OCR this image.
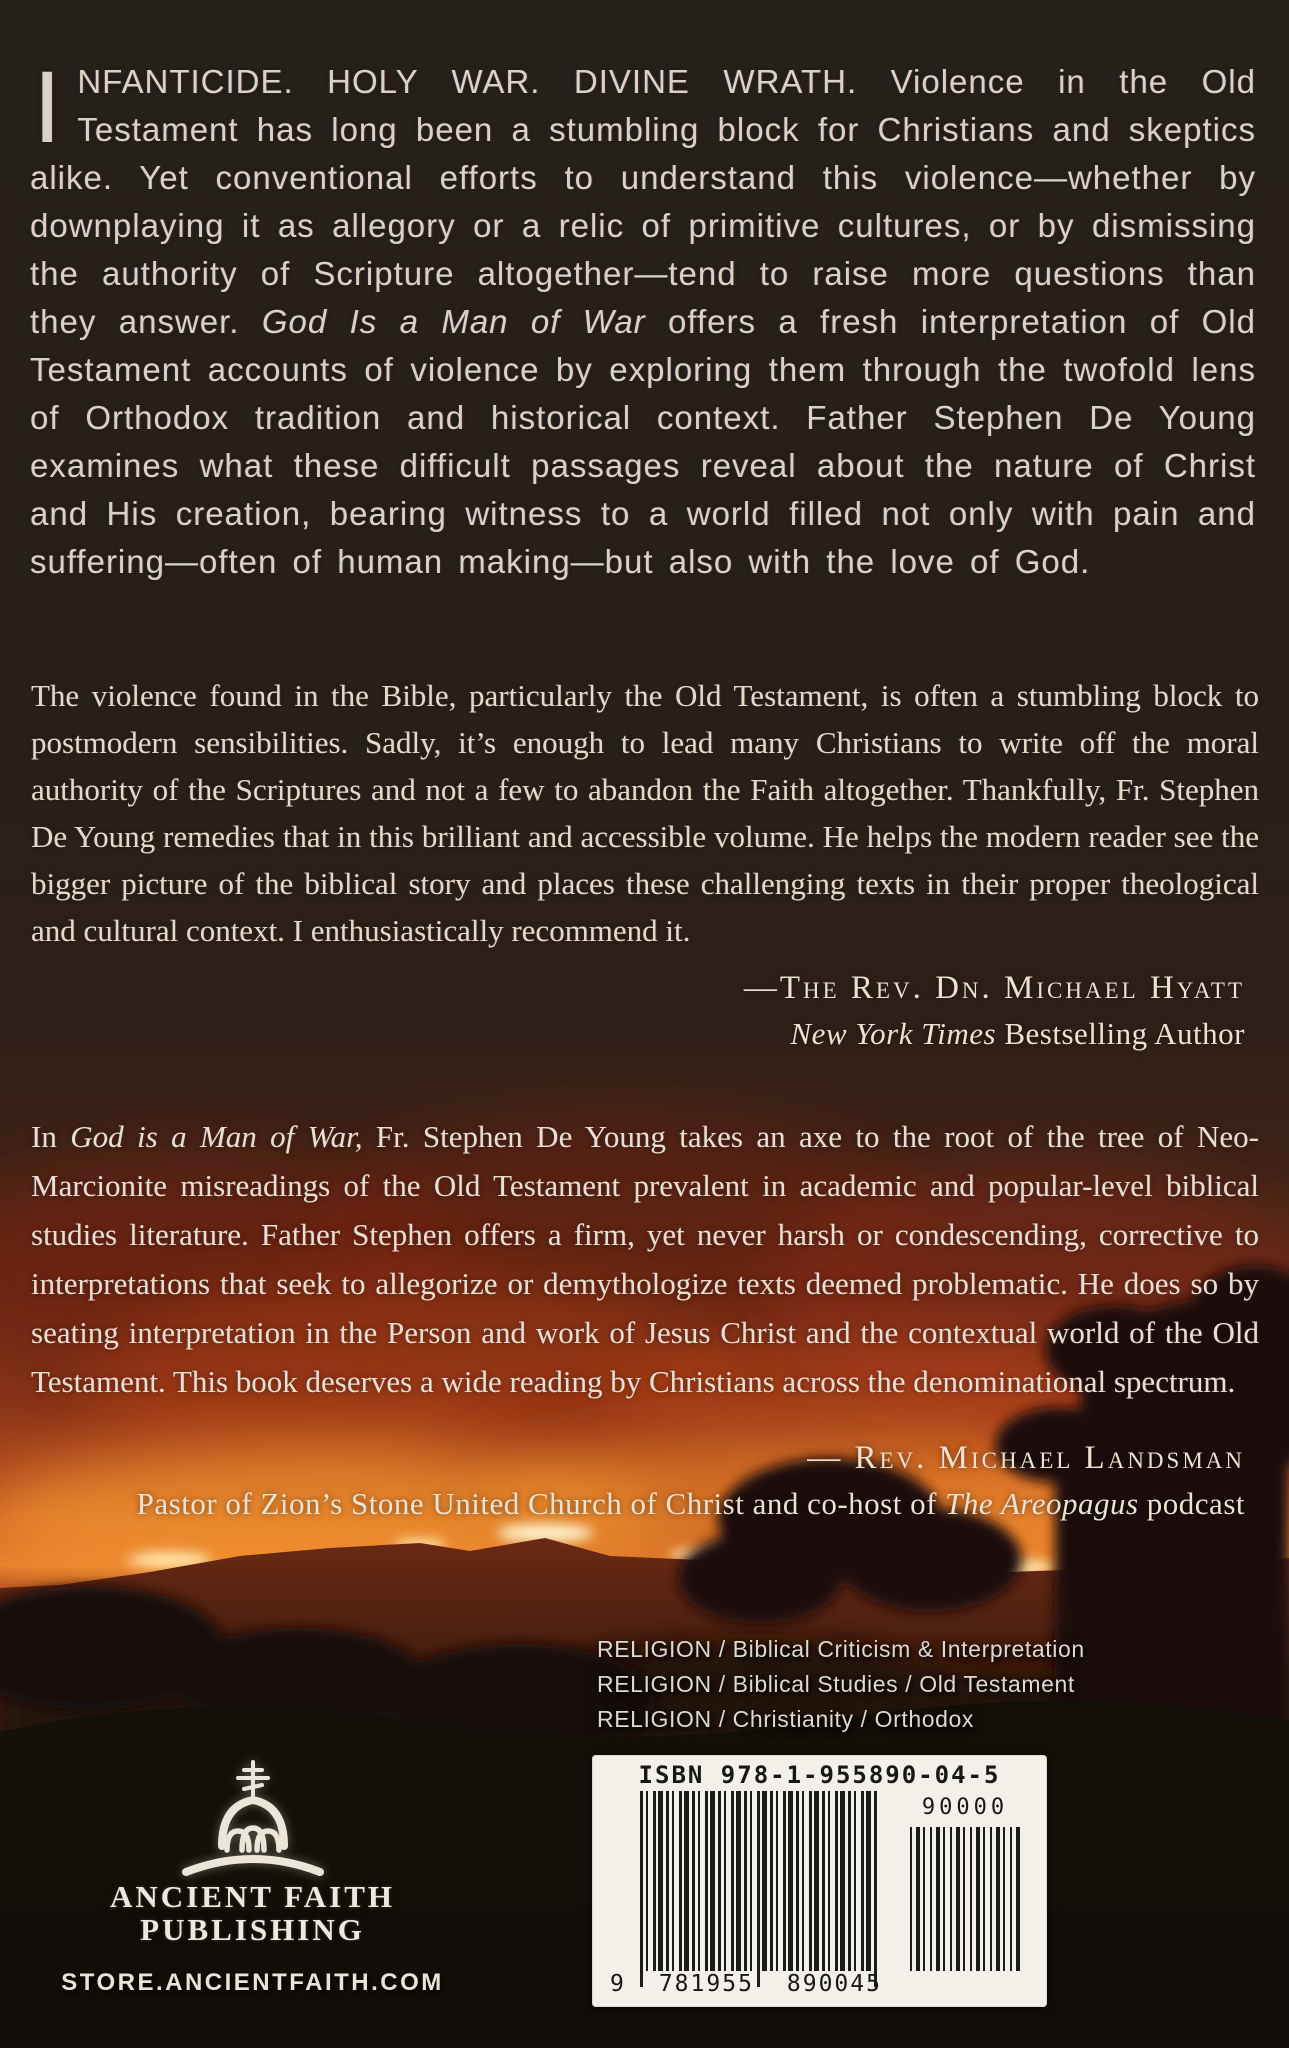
INFANTICIDE. HOLY WAR. DIVINE WRATH. Violence in the Old Testament has long been a stumbling block for Christians and skeptics alike. Yet conventional efforts to understand this violence—whether by downplaying it as allegory or a relic of primitive cultures, or by dismissing the authority of Scripture altogether—tend to raise more questions than they answer. God Is a Man of War offers a fresh interpretation of Old Testament accounts of violence by exploring them through the twofold lens of Orthodox tradition and historical context. Father Stephen De Young examines what these difficult passages reveal about the nature of Christ and His creation, bearing witness to a world filled not only with pain and suffering—often of human making—but also with the love of God.
The violence found in the Bible, particularly the Old Testament, is often a stumbling block to postmodern sensibilities. Sadly, it’s enough to lead many Christians to write off the moral authority of the Scriptures and not a few to abandon the Faith altogether. Thankfully, Fr. Stephen De Young remedies that in this brilliant and accessible volume. He helps the modern reader see the bigger picture of the biblical story and places these challenging texts in their proper theological and cultural context. I enthusiastically recommend it.
—The Rev. Dn. Michael Hyatt
New York Times Bestselling Author
In God is a Man of War, Fr. Stephen De Young takes an axe to the root of the tree of Neo-Marcionite misreadings of the Old Testament prevalent in academic and popular-level biblical studies literature. Father Stephen offers a firm, yet never harsh or condescending, corrective to interpretations that seek to allegorize or demythologize texts deemed problematic. He does so by seating interpretation in the Person and work of Jesus Christ and the contextual world of the Old Testament. This book deserves a wide reading by Christians across the denominational spectrum.
— Rev. Michael Landsman
Pastor of Zion’s Stone United Church of Christ and co-host of The Areopagus podcast
RELIGION / Biblical Criticism & Interpretation
RELIGION / Biblical Studies / Old Testament
RELIGION / Christianity / Orthodox
ISBN 978-1-955890-04-5
9 781955 890045
90000
ANCIENT FAITH
PUBLISHING
STORE.ANCIENTFAITH.COM
